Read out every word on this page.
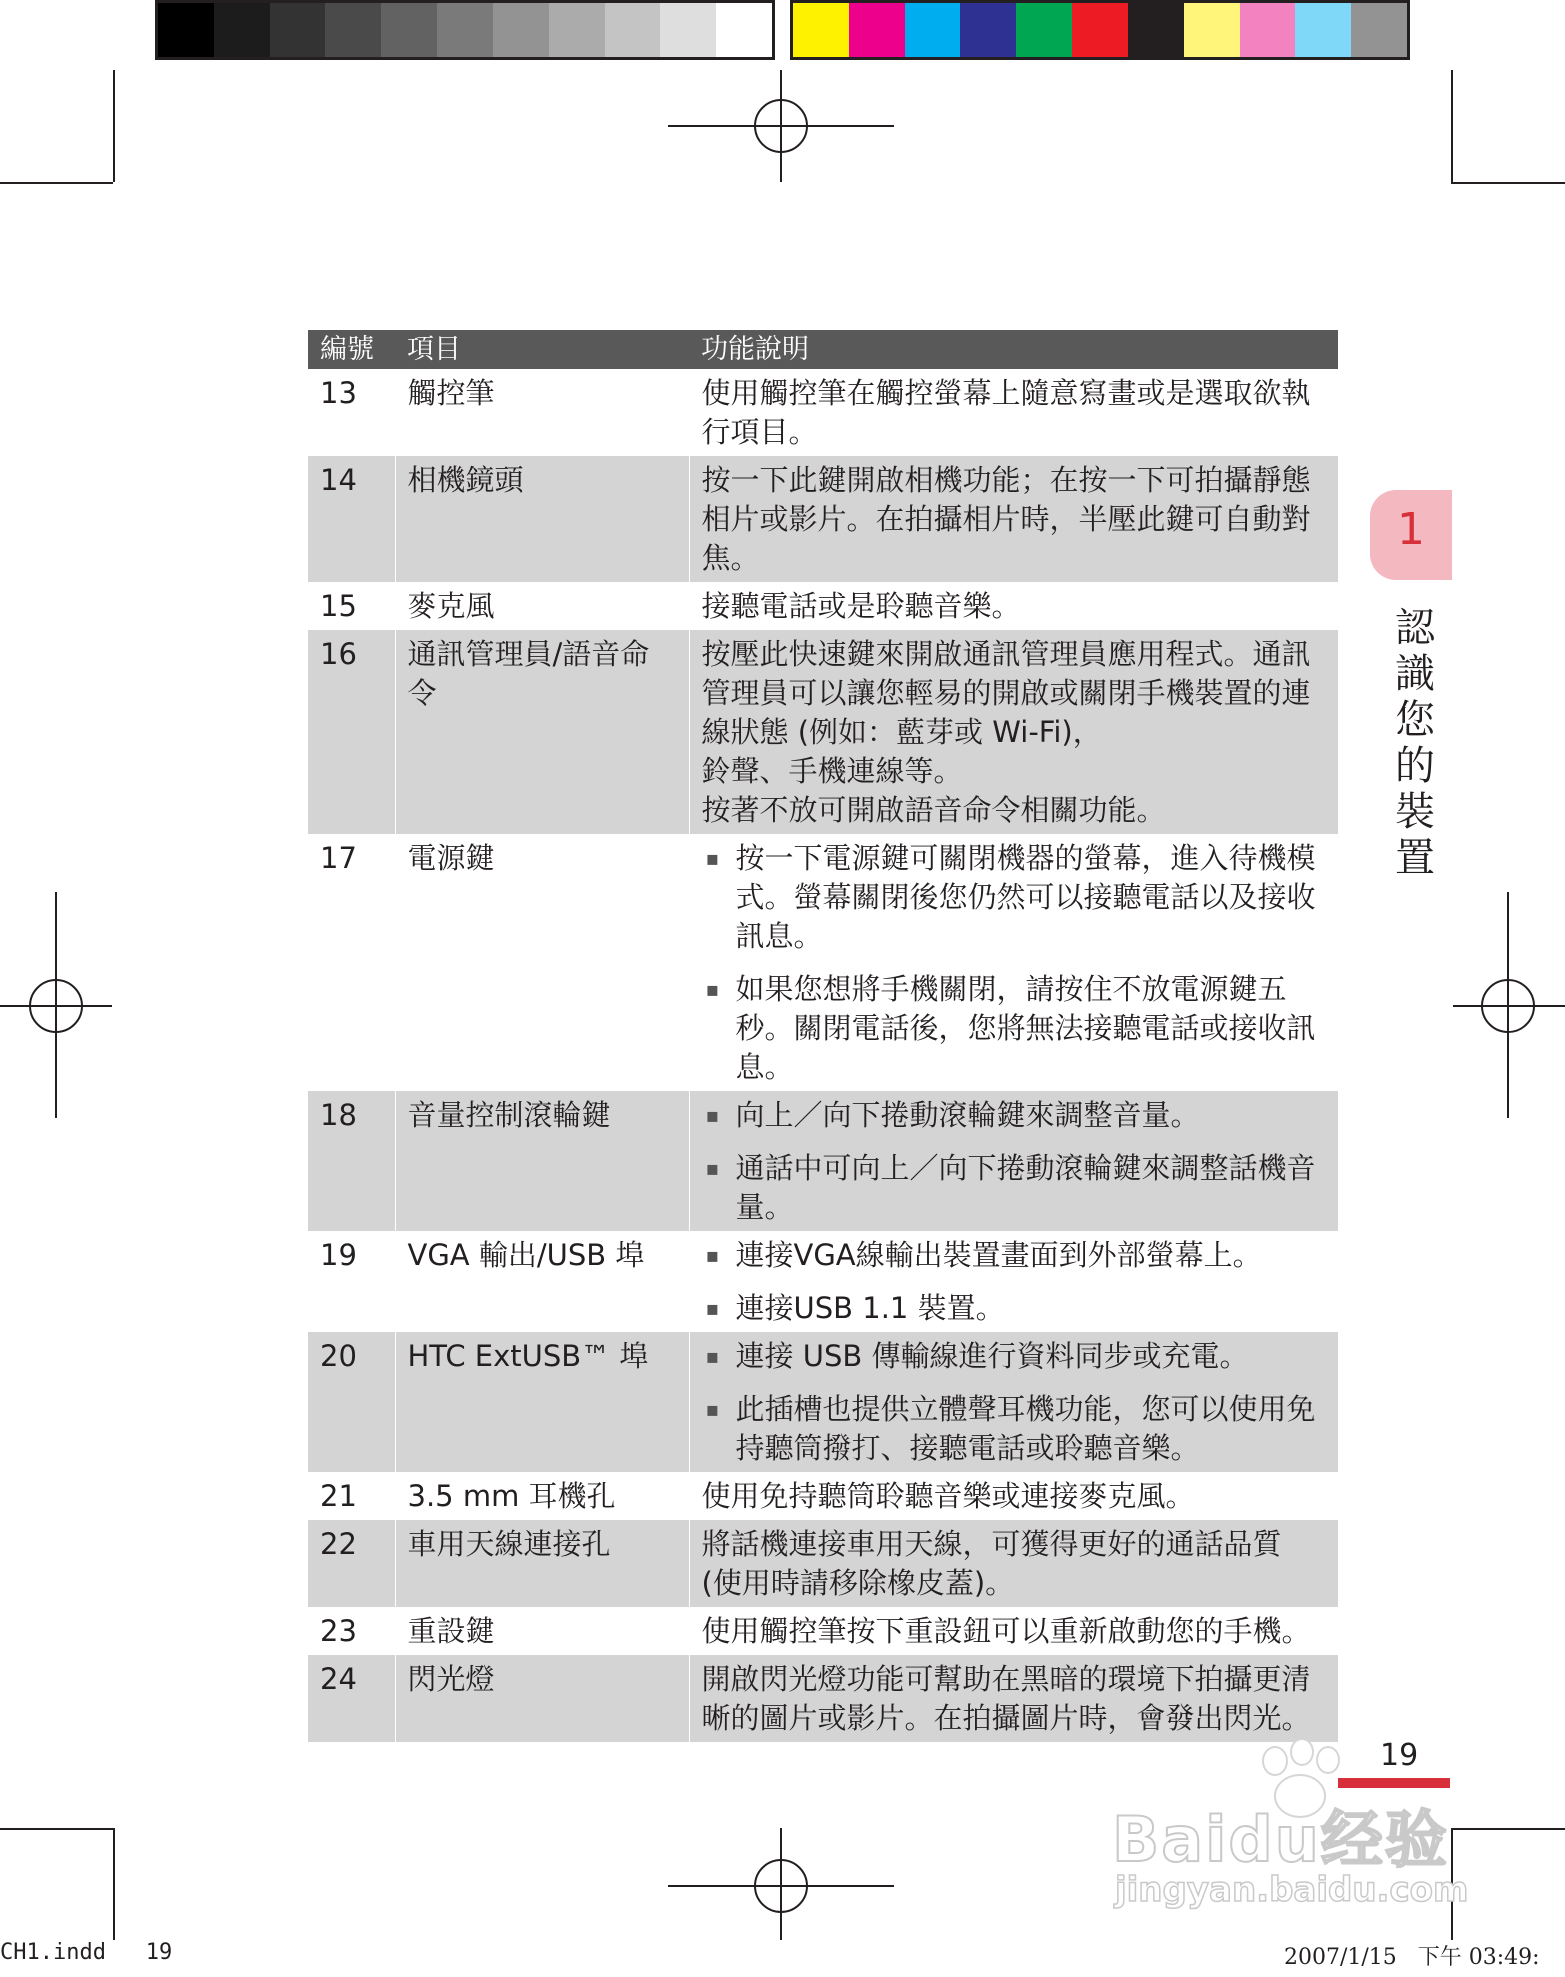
編號	項目	功能說明
13	觸控筆	使用觸控筆在觸控螢幕上隨意寫畫或是選取欲執行項目。

14	相機鏡頭	按一下此鍵開啟相機功能；在按一下可拍攝靜態相片或影片。在拍攝相片時，半壓此鍵可自動對焦。

15	麥克風	接聽電話或是聆聽音樂。

16	通訊管理員/語音命令	按壓此快速鍵來開啟通訊管理員應用程式。通訊管理員可以讓您輕易的開啟或關閉手機裝置的連線狀態 (例如：藍芽或 Wi-Fi)，
鈴聲、手機連線等。
按著不放可開啟語音命令相關功能。

17	電源鍵	▪ 按一下電源鍵可關閉機器的螢幕，進入待機模式。螢幕關閉後您仍然可以接聽電話以及接收訊息。
▪ 如果您想將手機關閉，請按住不放電源鍵五秒。關閉電話後，您將無法接聽電話或接收訊息。

18	音量控制滾輪鍵	▪ 向上／向下捲動滾輪鍵來調整音量。
▪ 通話中可向上／向下捲動滾輪鍵來調整話機音量。

19	VGA 輸出/USB 埠	▪ 連接VGA線輸出裝置畫面到外部螢幕上。
▪ 連接USB 1.1 裝置。

20	HTC ExtUSB™ 埠	▪ 連接 USB 傳輸線進行資料同步或充電。
▪ 此插槽也提供立體聲耳機功能，您可以使用免持聽筒撥打、接聽電話或聆聽音樂。

21	3.5 mm 耳機孔	使用免持聽筒聆聽音樂或連接麥克風。

22	車用天線連接孔	將話機連接車用天線，可獲得更好的通話品質 (使用時請移除橡皮蓋)。

23	重設鍵	使用觸控筆按下重設鈕可以重新啟動您的手機。

24	閃光燈	開啟閃光燈功能可幫助在黑暗的環境下拍攝更清晰的圖片或影片。在拍攝圖片時，會發出閃光。
1
認
識
您
的
裝
置
19
Baidu经验
jingyan.baidu.com
CH1.indd   19	2007/1/15   下午 03:49:
